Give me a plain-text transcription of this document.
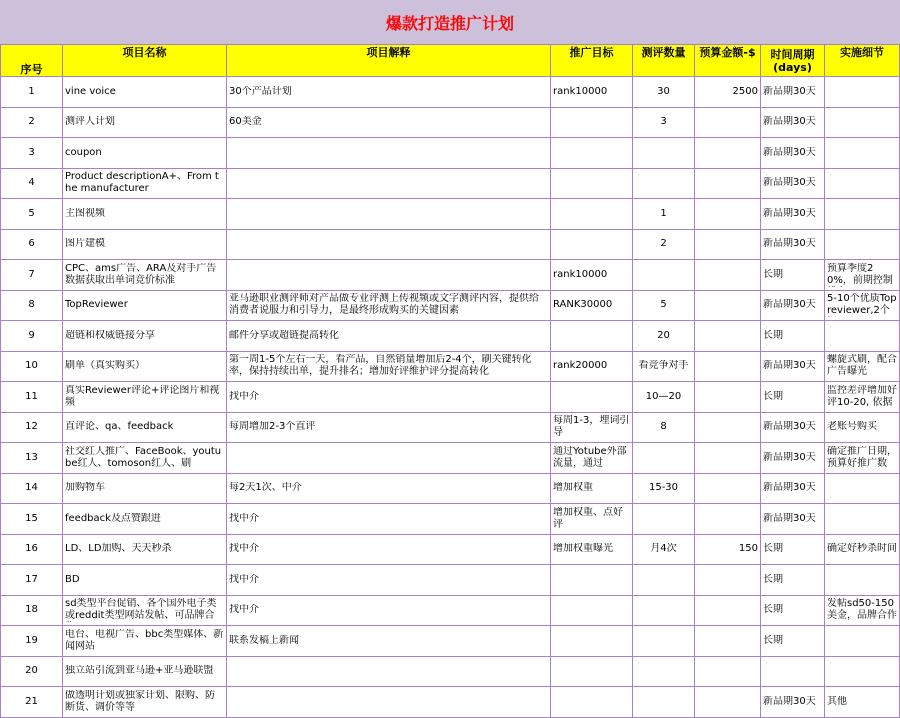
爆款打造推广计划
序号	项目名称	项目解释	推广目标	测评数量	预算金额-$	时间周期(days)	实施细节

1	vine voice	30个产品计划	rank10000	30	2500	新品期30天	

2	测评人计划	60美金		3		新品期30天	

3	coupon					新品期30天	

4	Product descriptionA+、From the manufacturer					新品期30天	

5	主图视频			1		新品期30天	

6	图片建模			2		新品期30天	

7	CPC、ams广告、ARA及对手广告数据获取出单词竞价标准		rank10000			长期	预算季度20%，前期控制

8	TopReviewer	亚马逊职业测评师对产品做专业评测上传视频或文字测评内容，提供给消费者说服力和引导力，是最终形成购买的关键因素	RANK30000	5		新品期30天	5-10个优质Top reviewer,2个

9	超链和权威链接分享	邮件分享或超链提高转化		20		长期	

10	刷单（真实购买）	第一周1-5个左右一天，看产品，自然销量增加后2-4个，刷关键转化率，保持持续出单，提升排名；增加好评维护评分提高转化	rank20000	看竞争对手		新品期30天	螺旋式刷，配合广告曝光

11	真实Reviewer评论+评论图片和视频	找中介		10—20		长期	监控差评增加好评10-20, 依据

12	直评论、qa、feedback	每周增加2-3个直评	每周1-3，埋词引导	8		新品期30天	老账号购买

13	社交红人推广、FaceBook、youtube红人、tomoson红人、刷		通过Yotube外部流量，通过			新品期30天	确定推广日期，预算好推广数

14	加购物车	每2天1次、中介	增加权重	15-30		新品期30天	

15	feedback及点赞跟进	找中介	增加权重、点好评			新品期30天	

16	LD、LD加购、天天秒杀	找中介	增加权重曝光	月4次	150	长期	确定好秒杀时间

17	BD	找中介				长期	

18	sd类型平台促销、各个国外电子类或reddit类型网站发帖、可品牌合	找中介				长期	发帖sd50-150美金，品牌合作

19	电台、电视广告、bbc类型媒体、新闻网站	联系发稿上新闻				长期	

20	独立站引流到亚马逊+亚马逊联盟						

21	做透明计划或独家计划、限购、防断货、调价等等					新品期30天	其他
